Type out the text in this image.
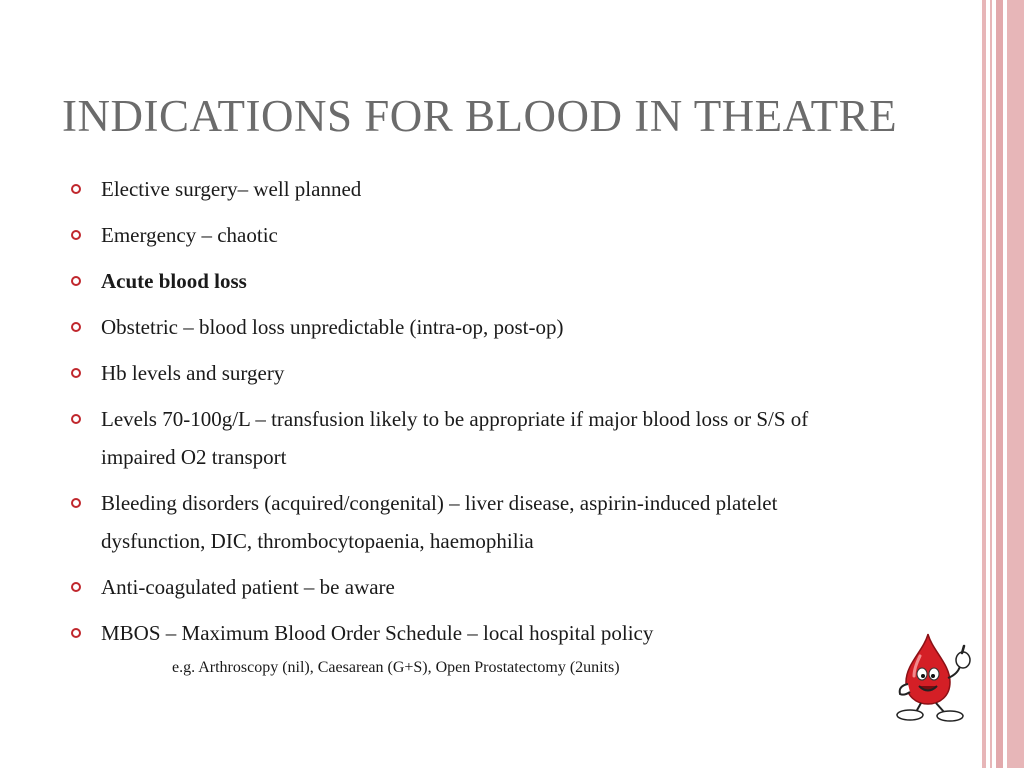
INDICATIONS FOR BLOOD IN THEATRE
Elective surgery– well planned
Emergency – chaotic
Acute blood loss
Obstetric – blood loss unpredictable (intra-op, post-op)
Hb levels and surgery
Levels 70-100g/L – transfusion likely to be appropriate if major blood loss or S/S of impaired O2 transport
Bleeding disorders (acquired/congenital) – liver disease, aspirin-induced platelet dysfunction, DIC, thrombocytopaenia, haemophilia
Anti-coagulated patient – be aware
MBOS – Maximum Blood Order Schedule – local hospital policy
e.g. Arthroscopy (nil), Caesarean (G+S), Open Prostatectomy (2units)
